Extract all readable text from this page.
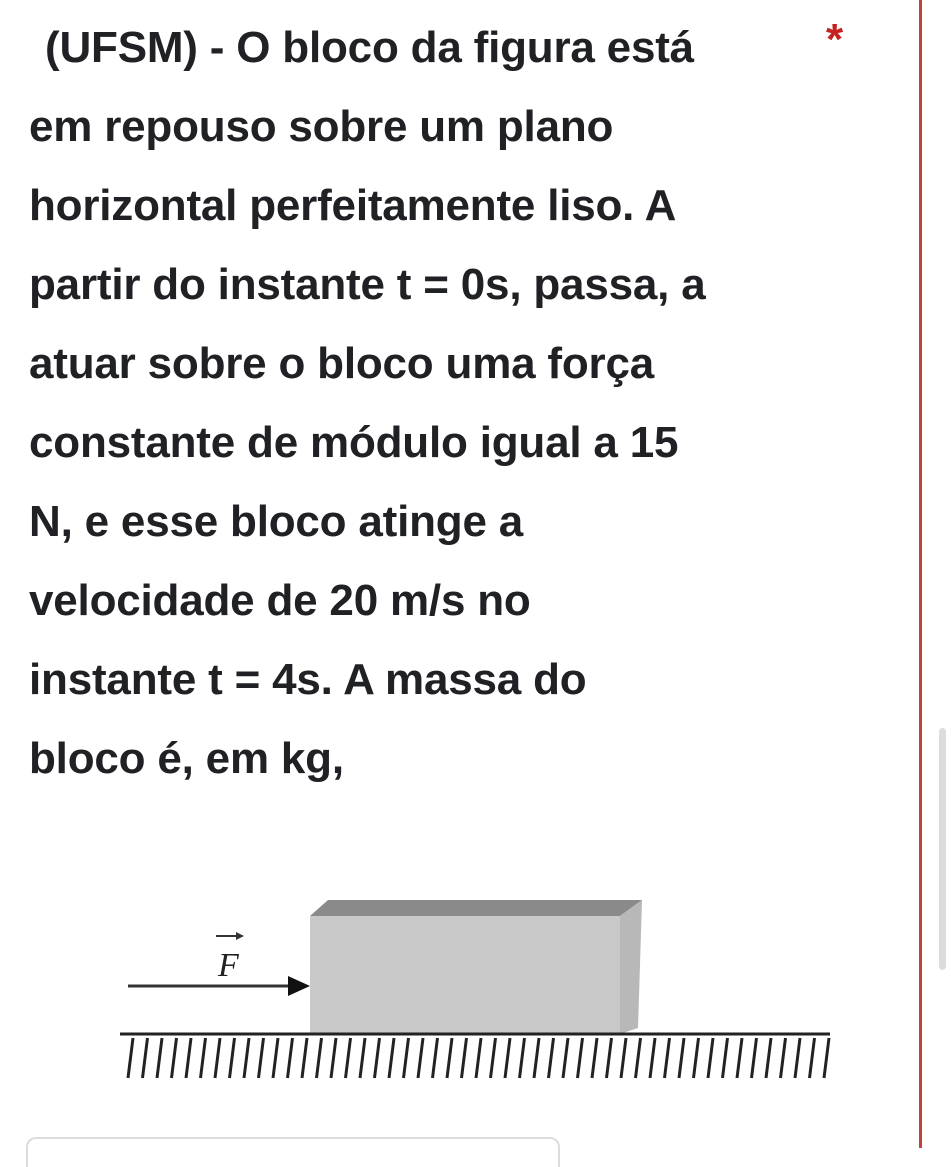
(UFSM) - O bloco da figura está
em repouso sobre um plano
horizontal perfeitamente liso. A
partir do instante t = 0s, passa, a
atuar sobre o bloco uma força
constante de módulo igual a 15
N, e esse bloco atinge a
velocidade de 20 m/s no
instante t = 4s. A massa do
bloco é, em kg,
*
F
